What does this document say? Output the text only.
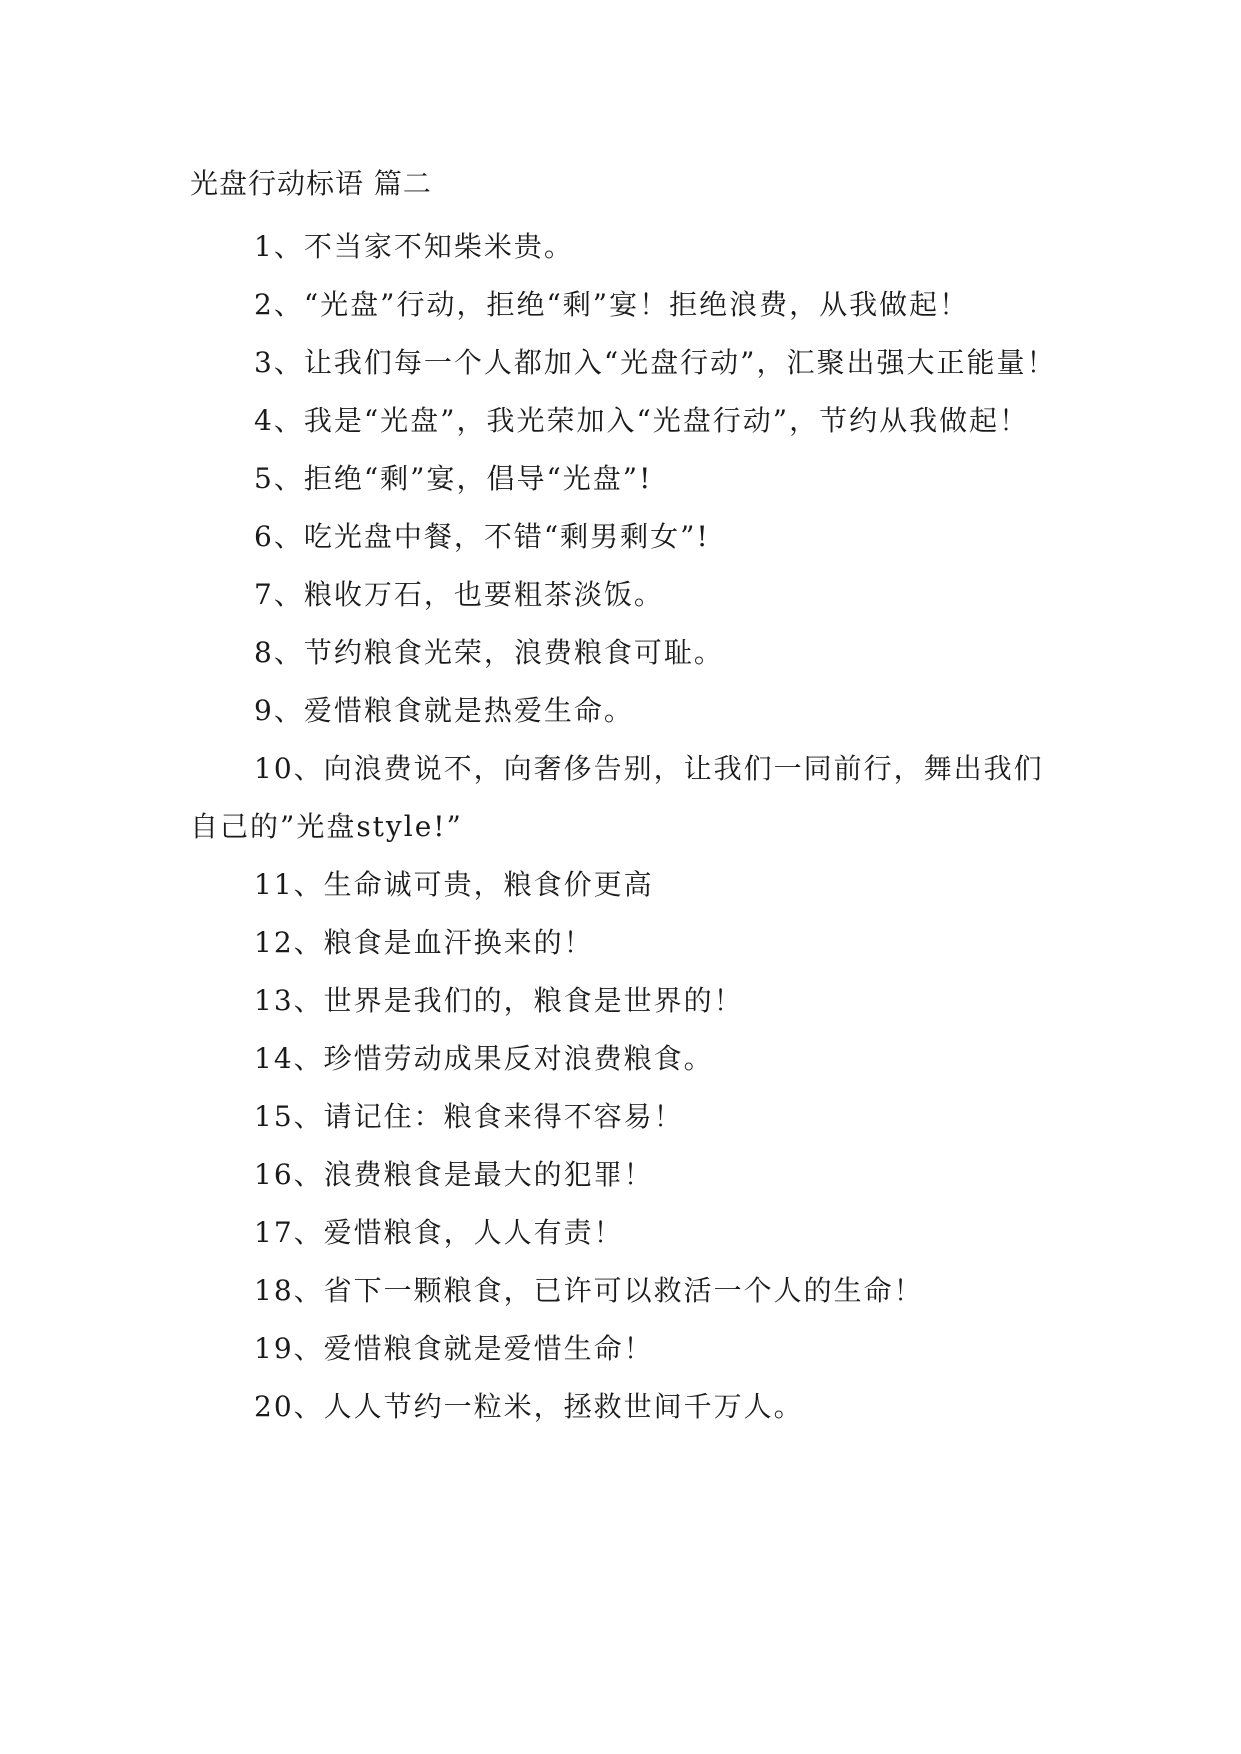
光盘行动标语 篇二
1、不当家不知柴米贵。
2、“光盘”行动，拒绝“剩”宴！拒绝浪费，从我做起！
3、让我们每一个人都加入“光盘行动”，汇聚出强大正能量！
4、我是“光盘”，我光荣加入“光盘行动”，节约从我做起！
5、拒绝“剩”宴，倡导“光盘”!
6、吃光盘中餐，不错“剩男剩女”!
7、粮收万石，也要粗茶淡饭。
8、节约粮食光荣，浪费粮食可耻。
9、爱惜粮食就是热爱生命。
10、向浪费说不，向奢侈告别，让我们一同前行，舞出我们自己的”光盘style!”
11、生命诚可贵，粮食价更高
12、粮食是血汗换来的！
13、世界是我们的，粮食是世界的！
14、珍惜劳动成果反对浪费粮食。
15、请记住：粮食来得不容易！
16、浪费粮食是最大的犯罪！
17、爱惜粮食，人人有责！
18、省下一颗粮食，已许可以救活一个人的生命！
19、爱惜粮食就是爱惜生命！
20、人人节约一粒米，拯救世间千万人。
